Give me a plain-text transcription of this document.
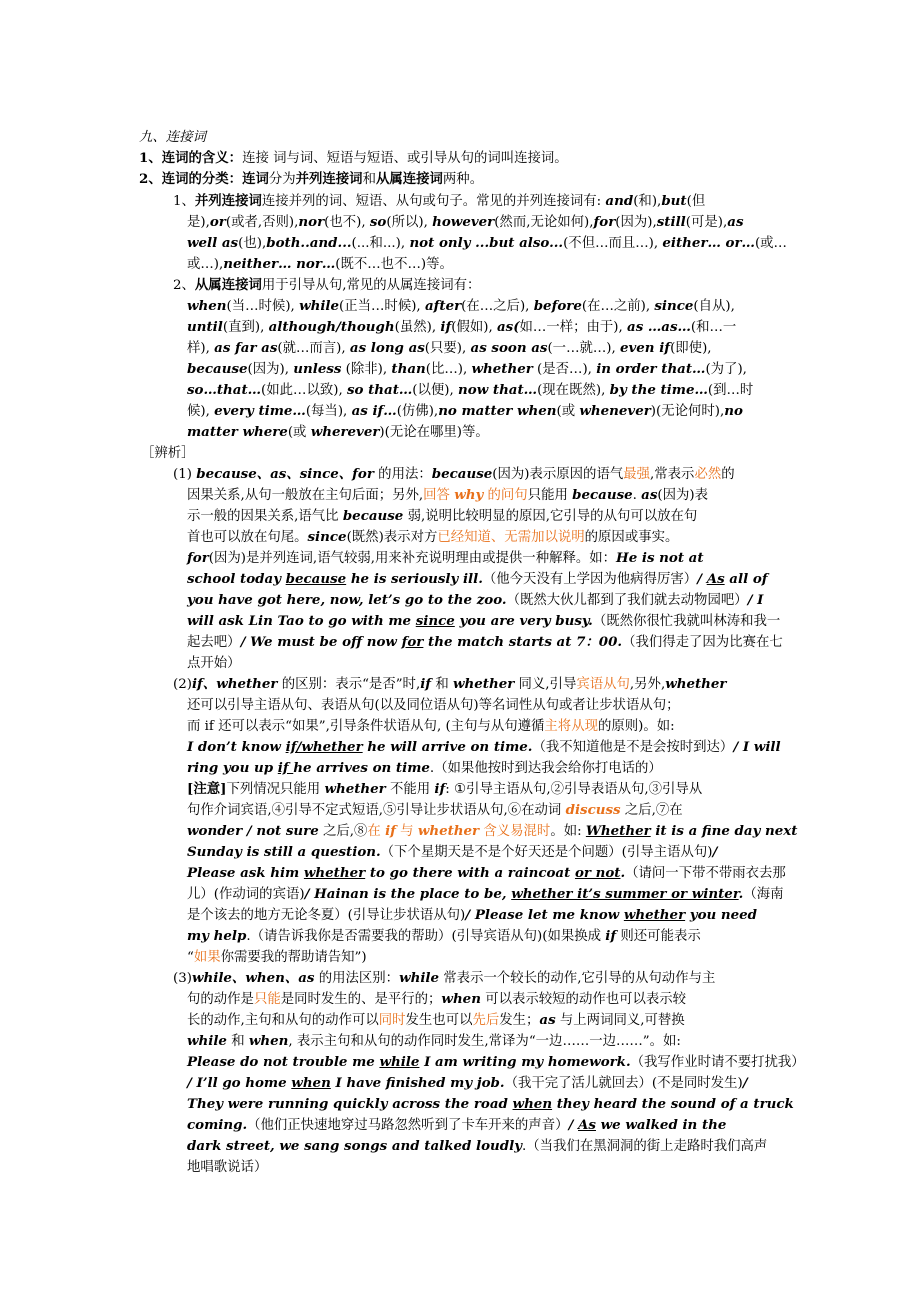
九、连接词
1、连词的含义：连接 词与词、短语与短语、或引导从句的词叫连接词。
2、连词的分类：连词分为并列连接词和从属连接词两种。
1、并列连接词连接并列的词、短语、从句或句子。常见的并列连接词有: and(和),but(但
是),or(或者,否则),nor(也不), so(所以), however(然而,无论如何),for(因为),still(可是),as
well as(也),both..and...(...和...), not only ...but also...(不但…而且…), either… or…(或…
或…),neither… nor…(既不…也不…)等。
2、从属连接词用于引导从句,常见的从属连接词有：
when(当…时候), while(正当…时候), after(在…之后), before(在…之前), since(自从),
until(直到), although/though(虽然), if(假如), as(如…一样；由于), as …as…(和…一
样), as far as(就…而言), as long as(只要), as soon as(一…就…), even if(即使),
because(因为), unless (除非), than(比…), whether (是否…), in order that…(为了),
so…that…(如此…以致), so that…(以便), now that…(现在既然), by the time…(到…时
候), every time…(每当), as if…(仿佛),no matter when(或 whenever)(无论何时),no
matter where(或 wherever)(无论在哪里)等。
［辨析］
(1) because、as、since、for 的用法：because(因为)表示原因的语气最强,常表示必然的
因果关系,从句一般放在主句后面；另外,回答 why 的问句只能用 because. as(因为)表
示一般的因果关系,语气比 because 弱,说明比较明显的原因,它引导的从句可以放在句
首也可以放在句尾。since(既然)表示对方已经知道、无需加以说明的原因或事实。
for(因为)是并列连词,语气较弱,用来补充说明理由或提供一种解释。如：He is not at
school today because he is seriously ill.（他今天没有上学因为他病得厉害）/ As all of
you have got here, now, let’s go to the zoo.（既然大伙儿都到了我们就去动物园吧）/ I
will ask Lin Tao to go with me since you are very busy.（既然你很忙我就叫林涛和我一
起去吧）/ We must be off now for the match starts at 7：00.（我们得走了因为比赛在七
点开始）
(2)if、whether 的区别：表示“是否”时,if 和 whether 同义,引导宾语从句,另外,whether
还可以引导主语从句、表语从句(以及同位语从句)等名词性从句或者让步状语从句；
而 if 还可以表示“如果”,引导条件状语从句, (主句与从句遵循主将从现的原则)。如:
I don’t know if/whether he will arrive on time.（我不知道他是不是会按时到达）/ I will
ring you up if he arrives on time.（如果他按时到达我会给你打电话的）
[注意]下列情况只能用 whether 不能用 if: ①引导主语从句,②引导表语从句,③引导从
句作介词宾语,④引导不定式短语,⑤引导让步状语从句,⑥在动词 discuss 之后,⑦在
wonder / not sure 之后,⑧在 if 与 whether 含义易混时。如: Whether it is a fine day next
Sunday is still a question.（下个星期天是不是个好天还是个问题）(引导主语从句)/
Please ask him whether to go there with a raincoat or not.（请问一下带不带雨衣去那
儿）(作动词的宾语)/ Hainan is the place to be, whether it’s summer or winter.（海南
是个该去的地方无论冬夏）(引导让步状语从句)/ Please let me know whether you need
my help.（请告诉我你是否需要我的帮助）(引导宾语从句)(如果换成 if 则还可能表示
“如果你需要我的帮助请告知”)
(3)while、when、as 的用法区别：while 常表示一个较长的动作,它引导的从句动作与主
句的动作是只能是同时发生的、是平行的；when 可以表示较短的动作也可以表示较
长的动作,主句和从句的动作可以同时发生也可以先后发生；as 与上两词同义,可替换
while 和 when, 表示主句和从句的动作同时发生,常译为“一边……一边……”。如:
Please do not trouble me while I am writing my homework.（我写作业时请不要打扰我）
/ I’ll go home when I have finished my job.（我干完了活儿就回去）(不是同时发生)/
They were running quickly across the road when they heard the sound of a truck
coming.（他们正快速地穿过马路忽然听到了卡车开来的声音）/ As we walked in the
dark street, we sang songs and talked loudly.（当我们在黑洞洞的街上走路时我们高声
地唱歌说话）
